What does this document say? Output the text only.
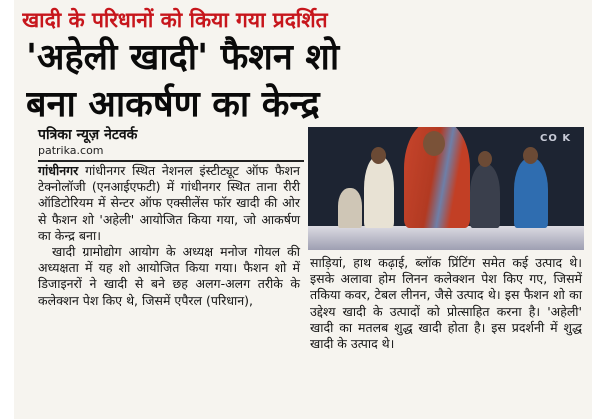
खादी के परिधानों को किया गया प्रदर्शित
'अहेली खादी' फैशन शो
बना आकर्षण का केन्द्र
पत्रिका न्यूज़ नेटवर्क
patrika.com
CO K

गांधीनगर गांधीनगर स्थित नेशनल इंस्टीट्यूट ऑफ फैशन टेक्नोलॉजी (एनआईएफटी) में गांधीनगर स्थित ताना रीरी ऑडिटोरियम में सेन्टर ऑफ एक्सीलेंस फॉर खादी की ओर से फैशन शो 'अहेली' आयोजित किया गया, जो आकर्षण का केन्द्र बना।

खादी ग्रामोद्योग आयोग के अध्यक्ष मनोज गोयल की अध्यक्षता में यह शो आयोजित किया गया। फैशन शो में डिजाइनरों ने खादी से बने छह अलग-अलग तरीके के कलेक्शन पेश किए थे, जिसमें एपैरल (परिधान),

साड़ियां, हाथ कढ़ाई, ब्लॉक प्रिंटिंग समेत कई उत्पाद थे। इसके अलावा होम लिनन कलेक्शन पेश किए गए, जिसमें तकिया कवर, टेबल लीनन, जैसे उत्पाद थे। इस फैशन शो का उद्देश्य खादी के उत्पादों को प्रोत्साहित करना है। 'अहेली' खादी का मतलब शुद्ध खादी होता है। इस प्रदर्शनी में शुद्ध खादी के उत्पाद थे।
